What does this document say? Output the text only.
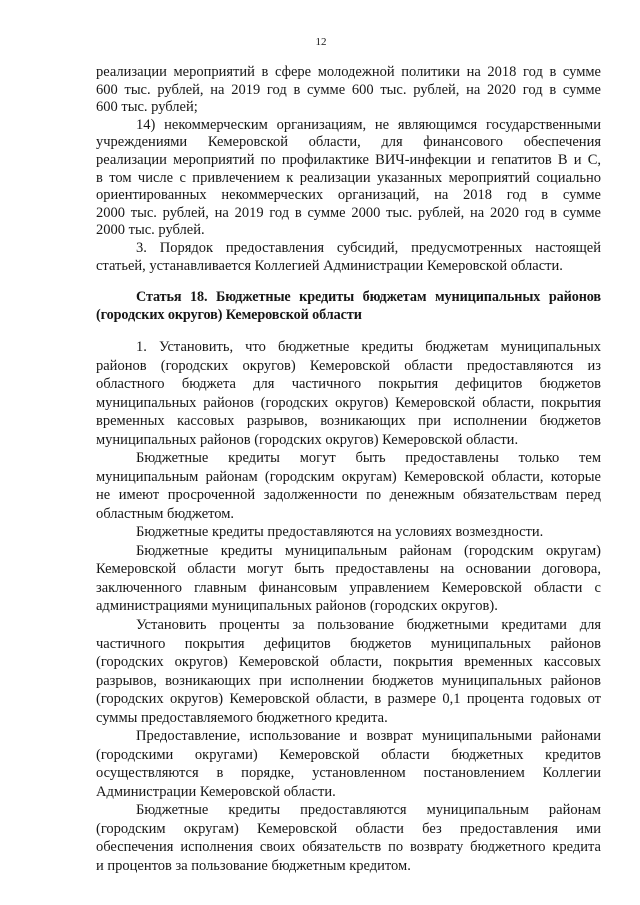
12
реализации мероприятий в сфере молодежной политики на 2018 год в сумме
600 тыс. рублей, на 2019 год в сумме 600 тыс. рублей, на 2020 год в сумме
600 тыс. рублей;
14) некоммерческим организациям, не являющимся государственными
учреждениями Кемеровской области, для финансового обеспечения
реализации мероприятий по профилактике ВИЧ-инфекции и гепатитов В и С,
в том числе с привлечением к реализации указанных мероприятий социально
ориентированных некоммерческих организаций, на 2018 год в сумме
2000 тыс. рублей, на 2019 год в сумме 2000 тыс. рублей, на 2020 год в сумме
2000 тыс. рублей.
3. Порядок предоставления субсидий, предусмотренных настоящей
статьей, устанавливается Коллегией Администрации Кемеровской области.
Статья 18. Бюджетные кредиты бюджетам муниципальных районов
(городских округов) Кемеровской области
1. Установить, что бюджетные кредиты бюджетам муниципальных
районов (городских округов) Кемеровской области предоставляются из
областного бюджета для частичного покрытия дефицитов бюджетов
муниципальных районов (городских округов) Кемеровской области, покрытия
временных кассовых разрывов, возникающих при исполнении бюджетов
муниципальных районов (городских округов) Кемеровской области.
Бюджетные кредиты могут быть предоставлены только тем
муниципальным районам (городским округам) Кемеровской области, которые
не имеют просроченной задолженности по денежным обязательствам перед
областным бюджетом.
Бюджетные кредиты предоставляются на условиях возмездности.
Бюджетные кредиты муниципальным районам (городским округам)
Кемеровской области могут быть предоставлены на основании договора,
заключенного главным финансовым управлением Кемеровской области с
администрациями муниципальных районов (городских округов).
Установить проценты за пользование бюджетными кредитами для
частичного покрытия дефицитов бюджетов муниципальных районов
(городских округов) Кемеровской области, покрытия временных кассовых
разрывов, возникающих при исполнении бюджетов муниципальных районов
(городских округов) Кемеровской области, в размере 0,1 процента годовых от
суммы предоставляемого бюджетного кредита.
Предоставление, использование и возврат муниципальными районами
(городскими округами) Кемеровской области бюджетных кредитов
осуществляются в порядке, установленном постановлением Коллегии
Администрации Кемеровской области.
Бюджетные кредиты предоставляются муниципальным районам
(городским округам) Кемеровской области без предоставления ими
обеспечения исполнения своих обязательств по возврату бюджетного кредита
и процентов за пользование бюджетным кредитом.
